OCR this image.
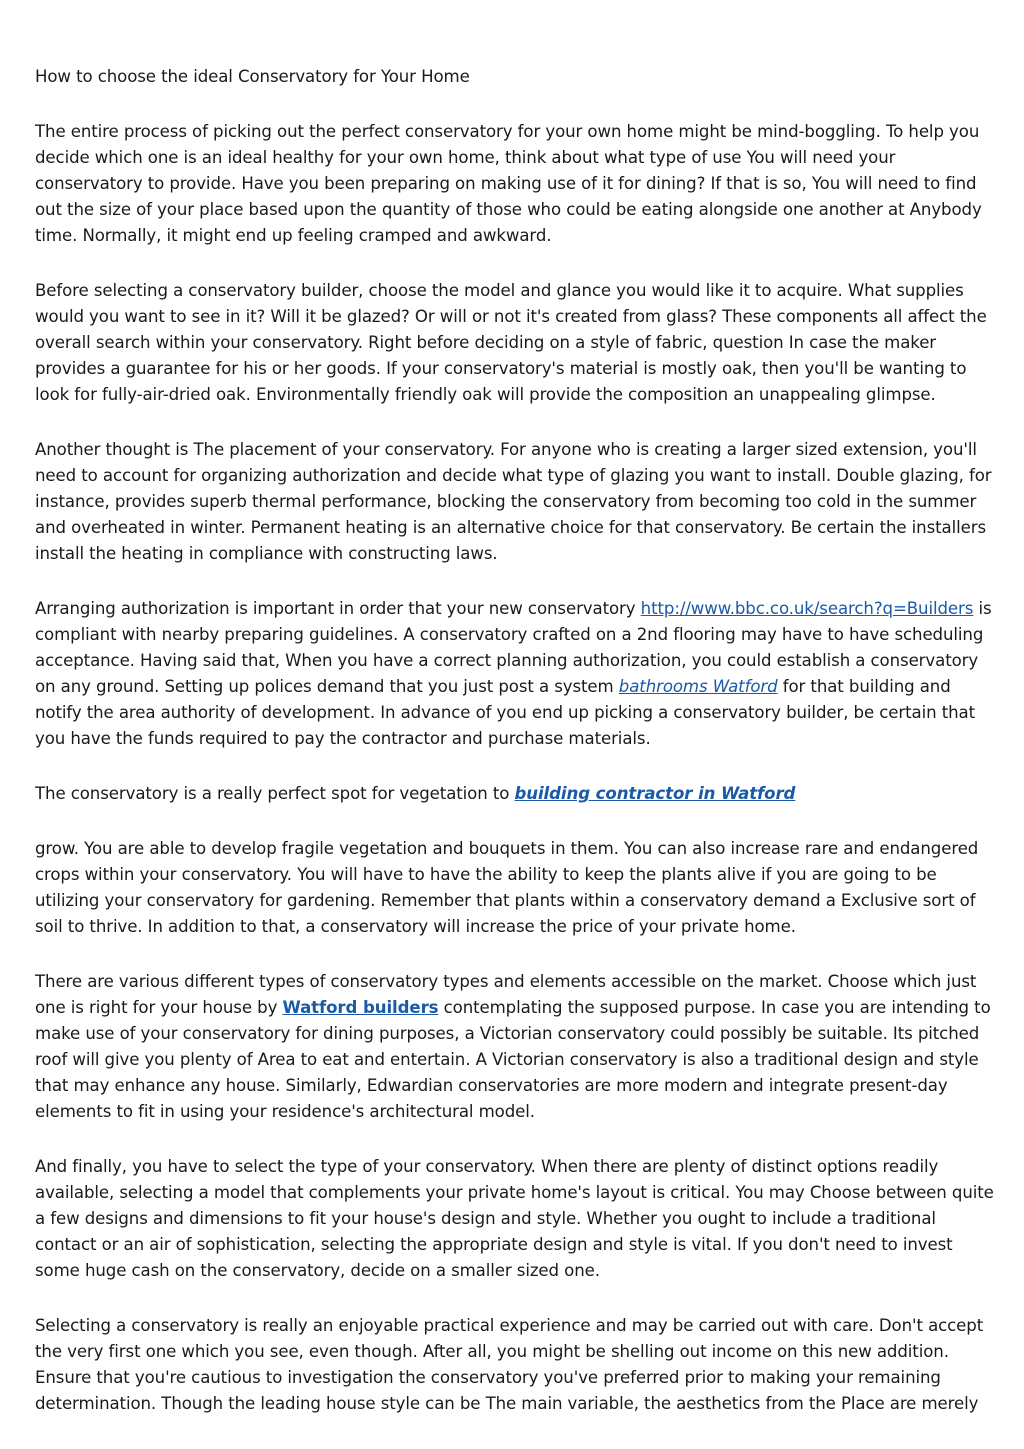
How to choose the ideal Conservatory for Your Home

The entire process of picking out the perfect conservatory for your own home might be mind-boggling. To help you decide which one is an ideal healthy for your own home, think about what type of use You will need your conservatory to provide. Have you been preparing on making use of it for dining? If that is so, You will need to find out the size of your place based upon the quantity of those who could be eating alongside one another at Anybody time. Normally, it might end up feeling cramped and awkward.

Before selecting a conservatory builder, choose the model and glance you would like it to acquire. What supplies would you want to see in it? Will it be glazed? Or will or not it's created from glass? These components all affect the overall search within your conservatory. Right before deciding on a style of fabric, question In case the maker provides a guarantee for his or her goods. If your conservatory's material is mostly oak, then you'll be wanting to look for fully-air-dried oak. Environmentally friendly oak will provide the composition an unappealing glimpse.

Another thought is The placement of your conservatory. For anyone who is creating a larger sized extension, you'll need to account for organizing authorization and decide what type of glazing you want to install. Double glazing, for instance, provides superb thermal performance, blocking the conservatory from becoming too cold in the summer and overheated in winter. Permanent heating is an alternative choice for that conservatory. Be certain the installers install the heating in compliance with constructing laws.

Arranging authorization is important in order that your new conservatory http://www.bbc.co.uk/search?q=Builders is compliant with nearby preparing guidelines. A conservatory crafted on a 2nd flooring may have to have scheduling acceptance. Having said that, When you have a correct planning authorization, you could establish a conservatory on any ground. Setting up polices demand that you just post a system bathrooms Watford for that building and notify the area authority of development. In advance of you end up picking a conservatory builder, be certain that you have the funds required to pay the contractor and purchase materials.

The conservatory is a really perfect spot for vegetation to building contractor in Watford

grow. You are able to develop fragile vegetation and bouquets in them. You can also increase rare and endangered crops within your conservatory. You will have to have the ability to keep the plants alive if you are going to be utilizing your conservatory for gardening. Remember that plants within a conservatory demand a Exclusive sort of soil to thrive. In addition to that, a conservatory will increase the price of your private home.

There are various different types of conservatory types and elements accessible on the market. Choose which just one is right for your house by Watford builders contemplating the supposed purpose. In case you are intending to make use of your conservatory for dining purposes, a Victorian conservatory could possibly be suitable. Its pitched roof will give you plenty of Area to eat and entertain. A Victorian conservatory is also a traditional design and style that may enhance any house. Similarly, Edwardian conservatories are more modern and integrate present-day elements to fit in using your residence's architectural model.

And finally, you have to select the type of your conservatory. When there are plenty of distinct options readily available, selecting a model that complements your private home's layout is critical. You may Choose between quite a few designs and dimensions to fit your house's design and style. Whether you ought to include a traditional contact or an air of sophistication, selecting the appropriate design and style is vital. If you don't need to invest some huge cash on the conservatory, decide on a smaller sized one.

Selecting a conservatory is really an enjoyable practical experience and may be carried out with care. Don't accept the very first one which you see, even though. After all, you might be shelling out income on this new addition. Ensure that you're cautious to investigation the conservatory you've preferred prior to making your remaining determination. Though the leading house style can be The main variable, the aesthetics from the Place are merely
